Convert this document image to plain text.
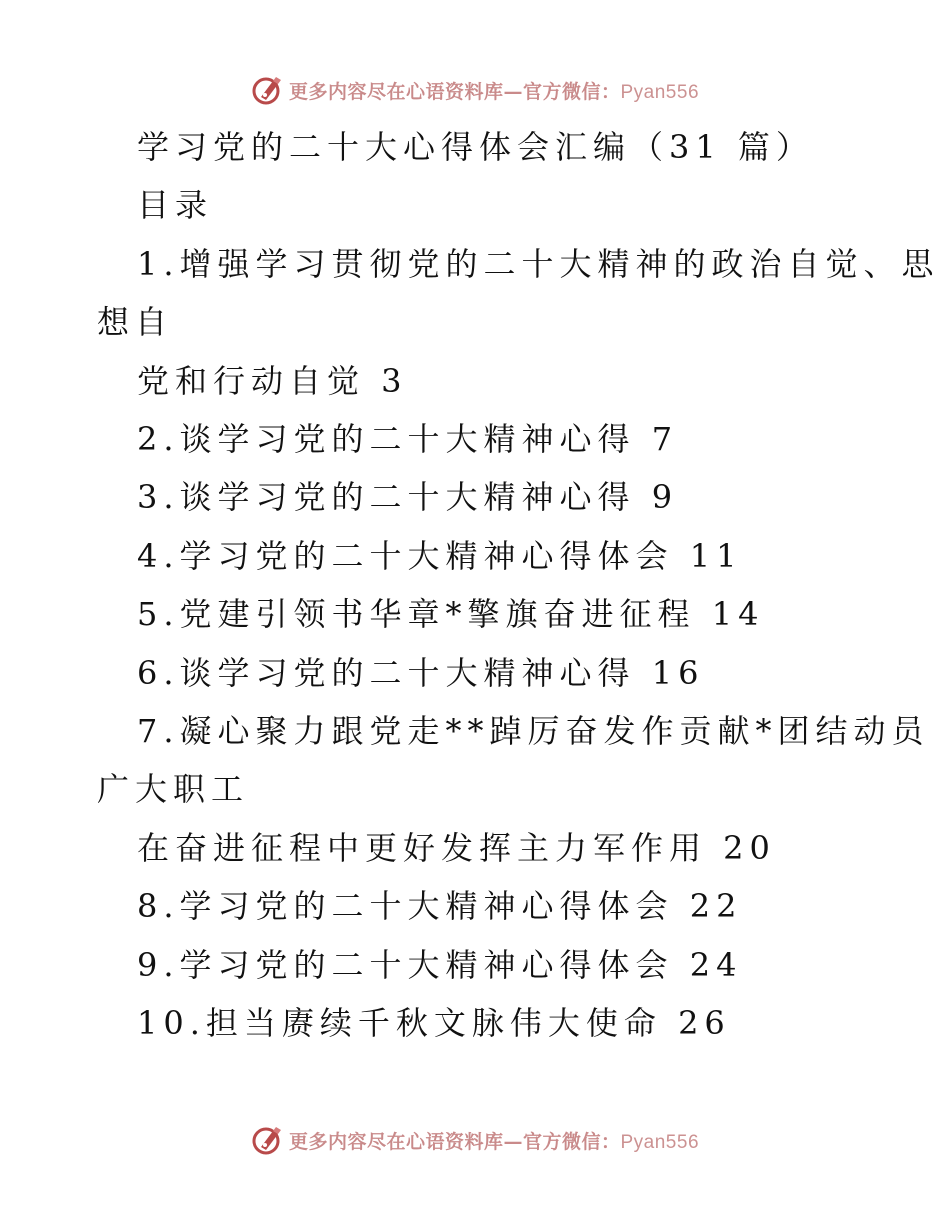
更多内容尽在心语资料库—官方微信：Pyan556
学习党的二十大心得体会汇编（31 篇）
目录
1.增强学习贯彻党的二十大精神的政治自觉、思
想自
党和行动自觉 3
2.谈学习党的二十大精神心得 7
3.谈学习党的二十大精神心得 9
4.学习党的二十大精神心得体会 11
5.党建引领书华章*擎旗奋进征程 14
6.谈学习党的二十大精神心得 16
7.凝心聚力跟党走**踔厉奋发作贡献*团结动员
广大职工
在奋进征程中更好发挥主力军作用 20
8.学习党的二十大精神心得体会 22
9.学习党的二十大精神心得体会 24
10.担当赓续千秋文脉伟大使命 26
更多内容尽在心语资料库—官方微信：Pyan556
